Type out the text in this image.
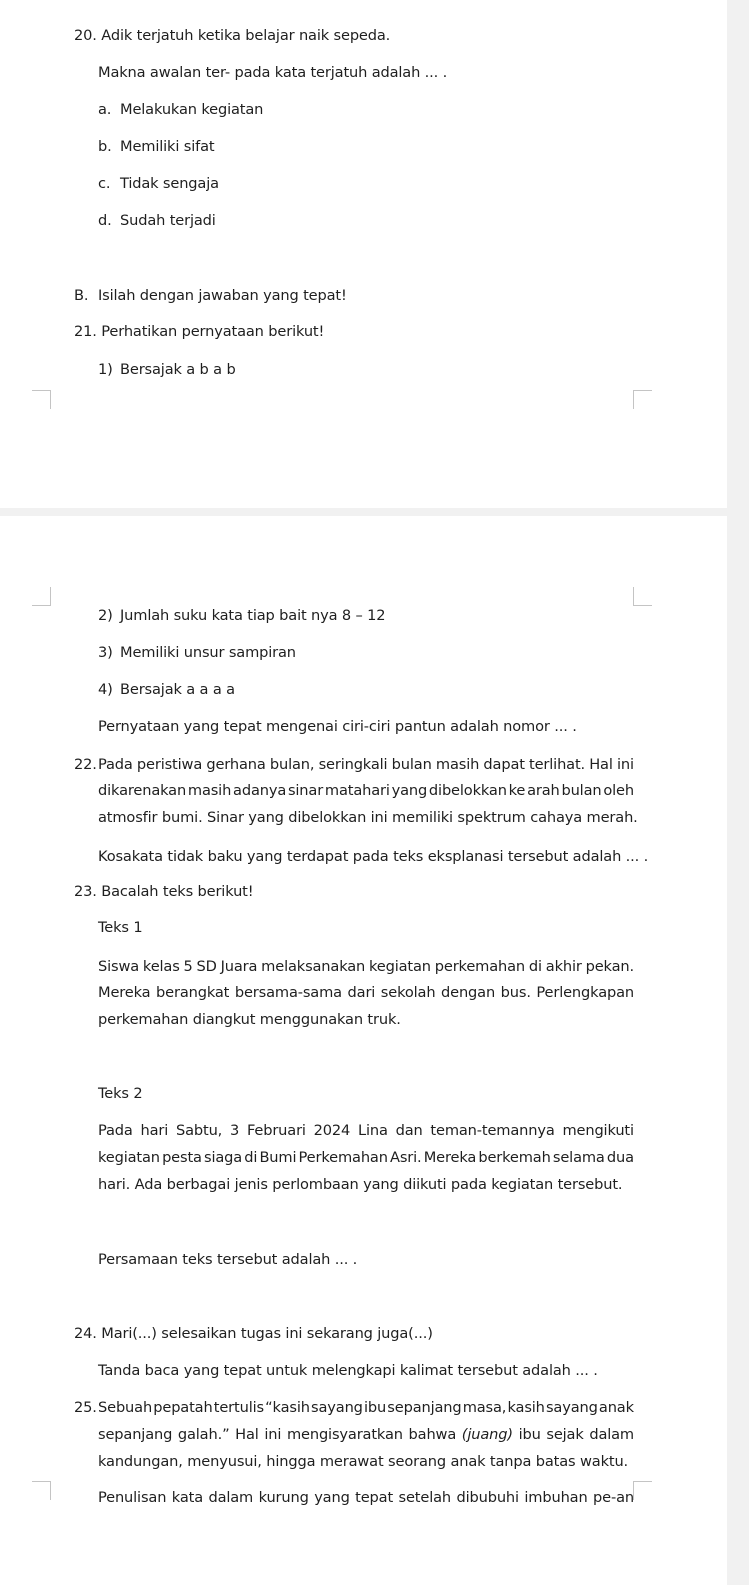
20. Adik terjatuh ketika belajar naik sepeda.
Makna awalan ter- pada kata terjatuh adalah ... .
a. Melakukan kegiatan
b. Memiliki sifat
c. Tidak sengaja
d. Sudah terjadi
B. Isilah dengan jawaban yang tepat!
21. Perhatikan pernyataan berikut!
1) Bersajak a b a b
2) Jumlah suku kata tiap bait nya 8 – 12
3) Memiliki unsur sampiran
4) Bersajak a a a a
Pernyataan yang tepat mengenai ciri-ciri pantun adalah nomor ... .
22. Pada peristiwa gerhana bulan, seringkali bulan masih dapat terlihat. Hal ini
dikarenakan masih adanya sinar matahari yang dibelokkan ke arah bulan oleh
atmosfir bumi. Sinar yang dibelokkan ini memiliki spektrum cahaya merah.
Kosakata tidak baku yang terdapat pada teks eksplanasi tersebut adalah ... .
23. Bacalah teks berikut!
Teks 1
Siswa kelas 5 SD Juara melaksanakan kegiatan perkemahan di akhir pekan.
Mereka berangkat bersama-sama dari sekolah dengan bus. Perlengkapan
perkemahan diangkut menggunakan truk.
Teks 2
Pada hari Sabtu, 3 Februari 2024 Lina dan teman-temannya mengikuti
kegiatan pesta siaga di Bumi Perkemahan Asri. Mereka berkemah selama dua
hari. Ada berbagai jenis perlombaan yang diikuti pada kegiatan tersebut.
Persamaan teks tersebut adalah ... .
24. Mari(...) selesaikan tugas ini sekarang juga(...)
Tanda baca yang tepat untuk melengkapi kalimat tersebut adalah ... .
25. Sebuah pepatah tertulis “kasih sayang ibu sepanjang masa, kasih sayang anak
sepanjang galah.” Hal ini mengisyaratkan bahwa (juang) ibu sejak dalam
kandungan, menyusui, hingga merawat seorang anak tanpa batas waktu.
Penulisan kata dalam kurung yang tepat setelah dibubuhi imbuhan pe-an
